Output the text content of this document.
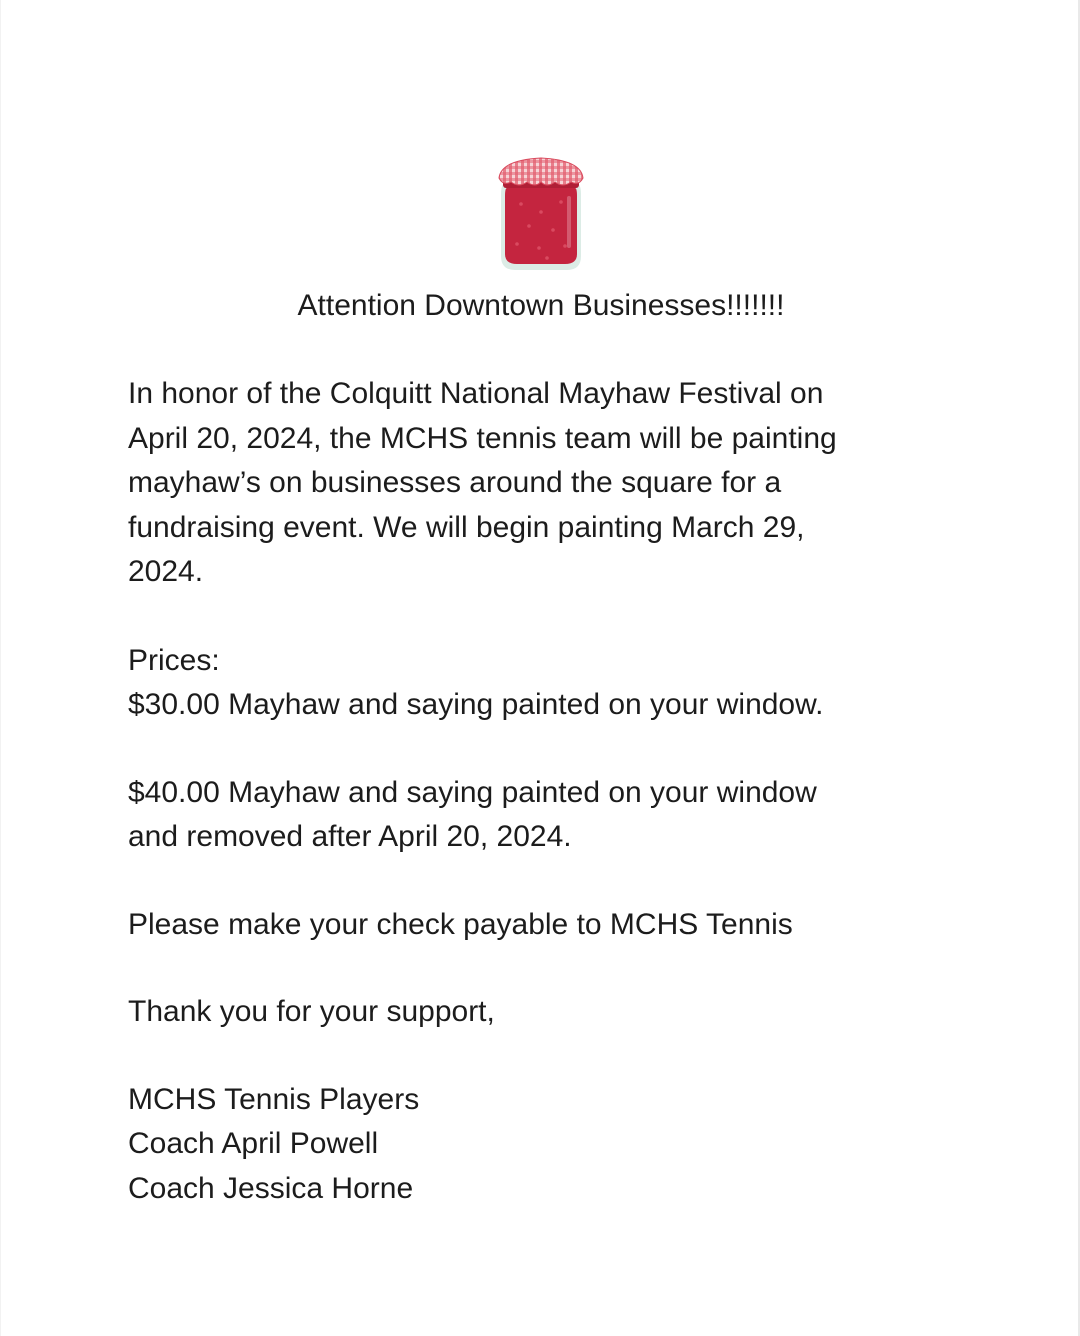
Attention Downtown Businesses!!!!!!!

In honor of the Colquitt National Mayhaw Festival on

April 20, 2024, the MCHS tennis team will be painting

mayhaw’s on businesses around the square for a

fundraising event. We will begin painting March 29,

2024.

Prices:

$30.00 Mayhaw and saying painted on your window.

$40.00 Mayhaw and saying painted on your window

and removed after April 20, 2024.

Please make your check payable to MCHS Tennis

Thank you for your support,

MCHS Tennis Players

Coach April Powell

Coach Jessica Horne
